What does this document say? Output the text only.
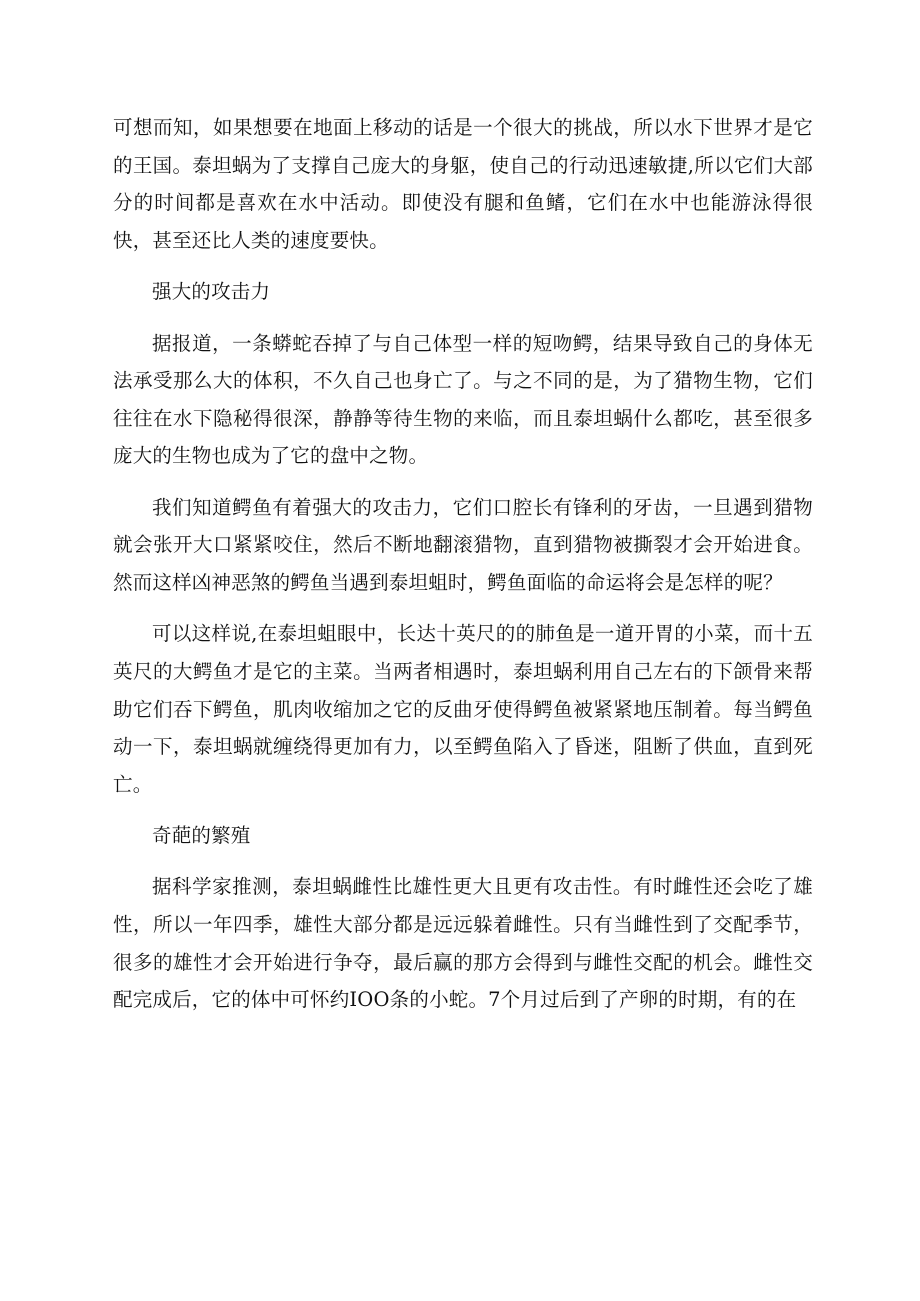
可想而知，如果想要在地面上移动的话是一个很大的挑战，所以水下世界才是它的王国。泰坦蜗为了支撑自己庞大的身躯，使自己的行动迅速敏捷,所以它们大部分的时间都是喜欢在水中活动。即使没有腿和鱼鳍，它们在水中也能游泳得很快，甚至还比人类的速度要快。

强大的攻击力

据报道，一条蟒蛇吞掉了与自己体型一样的短吻鳄，结果导致自己的身体无法承受那么大的体积，不久自己也身亡了。与之不同的是，为了猎物生物，它们往往在水下隐秘得很深，静静等待生物的来临，而且泰坦蜗什么都吃，甚至很多庞大的生物也成为了它的盘中之物。

我们知道鳄鱼有着强大的攻击力，它们口腔长有锋利的牙齿，一旦遇到猎物就会张开大口紧紧咬住，然后不断地翻滚猎物，直到猎物被撕裂才会开始进食。然而这样凶神恶煞的鳄鱼当遇到泰坦蛆时，鳄鱼面临的命运将会是怎样的呢？

可以这样说,在泰坦蛆眼中，长达十英尺的的肺鱼是一道开胃的小菜，而十五英尺的大鳄鱼才是它的主菜。当两者相遇时，泰坦蜗利用自己左右的下颌骨来帮助它们吞下鳄鱼，肌肉收缩加之它的反曲牙使得鳄鱼被紧紧地压制着。每当鳄鱼动一下，泰坦蜗就缠绕得更加有力，以至鳄鱼陷入了昏迷，阻断了供血，直到死亡。

奇葩的繁殖

据科学家推测，泰坦蜗雌性比雄性更大且更有攻击性。有时雌性还会吃了雄性，所以一年四季，雄性大部分都是远远躲着雌性。只有当雌性到了交配季节，很多的雄性才会开始进行争夺，最后赢的那方会得到与雌性交配的机会。雌性交配完成后，它的体中可怀约IOO条的小蛇。7个月过后到了产卵的时期，有的在
